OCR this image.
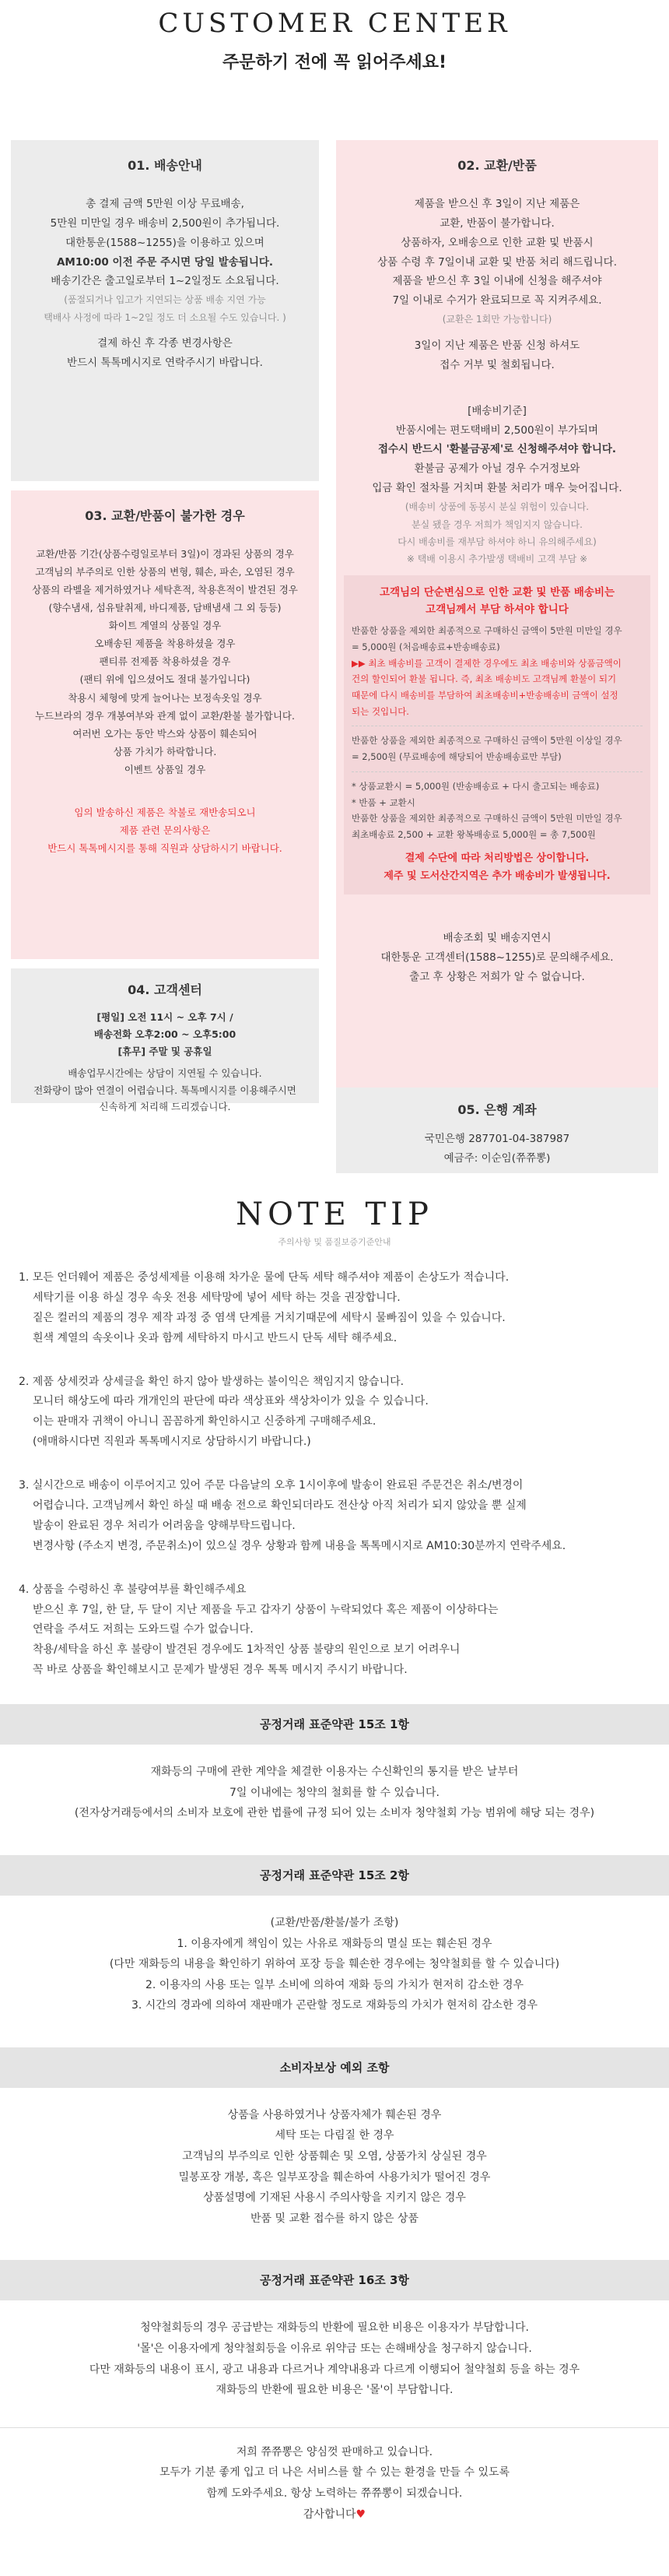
CUSTOMER CENTER
주문하기 전에 꼭 읽어주세요!
01. 배송안내
총 결제 금액 5만원 이상 무료배송,
5만원 미만일 경우 배송비 2,500원이 추가됩니다.
대한통운(1588~1255)을 이용하고 있으며
AM10:00 이전 주문 주시면 당일 발송됩니다.
배송기간은 출고일로부터 1~2일정도 소요됩니다.
(품절되거나 입고가 지연되는 상품 배송 지연 가능
택배사 사정에 따라 1~2일 정도 더 소요될 수도 있습니다. )
결제 하신 후 각종 변경사항은
반드시 톡톡메시지로 연락주시기 바랍니다.
02. 교환/반품
제품을 받으신 후 3일이 지난 제품은
교환, 반품이 불가합니다.
상품하자, 오배송으로 인한 교환 및 반품시
상품 수령 후 7일이내 교환 및 반품 처리 해드립니다.
제품을 받으신 후 3일 이내에 신청을 해주셔야
7일 이내로 수거가 완료되므로 꼭 지켜주세요.
(교환은 1회만 가능합니다)
3일이 지난 제품은 반품 신청 하셔도
접수 거부 및 철회됩니다.
[배송비기준]
반품시에는 편도택배비 2,500원이 부가되며
접수시 반드시 '환불금공제'로 신청해주셔야 합니다.
환불금 공제가 아닐 경우 수거정보와
입금 확인 절차를 거치며 환불 처리가 매우 늦어집니다.
(배송비 상품에 동봉시 분실 위험이 있습니다.
분실 됐을 경우 저희가 책임지지 않습니다.
다시 배송비를 재부담 하셔야 하니 유의해주세요)
※ 택배 이용시 추가발생 택배비 고객 부담 ※
고객님의 단순변심으로 인한 교환 및 반품 배송비는
고객님께서 부담 하셔야 합니다
반품한 상품을 제외한 최종적으로 구매하신 금액이 5만원 미만일 경우
= 5,000원 (처음배송료+반송배송료)
▶▶ 최초 배송비를 고객이 결제한 경우에도 최초 배송비와 상품금액이
건의 할인되어 환불 됩니다. 즉, 최초 배송비도 고객님께 환불이 되기
때문에 다시 배송비를 부담하여 최초배송비+반송배송비 금액이 설정
되는 것입니다.
반품한 상품을 제외한 최종적으로 구매하신 금액이 5만원 이상일 경우
= 2,500원 (무료배송에 해당되어 반송배송료만 부담)
* 상품교환시 = 5,000원 (반송배송료 + 다시 출고되는 배송료)
* 반품 + 교환시
반품한 상품을 제외한 최종적으로 구매하신 금액이 5만원 미만일 경우
최초배송료 2,500 + 교환 왕복배송료 5,000원 = 총 7,500원
결제 수단에 따라 처리방법은 상이합니다.
제주 및 도서산간지역은 추가 배송비가 발생됩니다.
배송조회 및 배송지연시
대한통운 고객센터(1588~1255)로 문의해주세요.
출고 후 상황은 저희가 알 수 없습니다.
03. 교환/반품이 불가한 경우
교환/반품 기간(상품수령일로부터 3일)이 경과된 상품의 경우
고객님의 부주의로 인한 상품의 변형, 훼손, 파손, 오염된 경우
상품의 라벨을 제거하였거나 세탁흔적, 착용흔적이 발견된 경우
(향수냄새, 섬유탈취제, 바디제품, 담배냄새 그 외 등등)
화이트 계열의 상품일 경우
오배송된 제품을 착용하셨을 경우
팬티류 전제품 착용하셨을 경우
(팬티 위에 입으셨어도 절대 불가입니다)
착용시 체형에 맞게 늘어나는 보정속옷일 경우
누드브라의 경우 개봉여부와 관계 없이 교환/환불 불가합니다.
여러번 오가는 동안 박스와 상품이 훼손되어
상품 가치가 하락합니다.
이벤트 상품일 경우
임의 발송하신 제품은 착불로 재반송되오니
제품 관련 문의사항은
반드시 톡톡메시지를 통해 직원과 상담하시기 바랍니다.
04. 고객센터
[평일] 오전 11시 ~ 오후 7시 /
배송전화 오후2:00 ~ 오후5:00
[휴무] 주말 및 공휴일
배송업무시간에는 상담이 지연될 수 있습니다.
전화량이 많아 연결이 어렵습니다. 톡톡메시지를 이용해주시면
신속하게 처리해 드리겠습니다.	05. 은행 계좌
국민은행 287701-04-387987
예금주: 이순임(쮸쮸뽕)
NOTE TIP
주의사항 및 품질보증기준안내

1. 모든 언더웨어 제품은 중성세제를 이용해 차가운 물에 단독 세탁 해주셔야 제품이 손상도가 적습니다.
세탁기를 이용 하실 경우 속옷 전용 세탁망에 넣어 세탁 하는 것을 권장합니다.
짙은 컬러의 제품의 경우 제작 과정 중 염색 단계를 거치기때문에 세탁시 물빠짐이 있을 수 있습니다.
흰색 계열의 속옷이나 옷과 함께 세탁하지 마시고 반드시 단독 세탁 해주세요.

2. 제품 상세컷과 상세글을 확인 하지 않아 발생하는 불이익은 책임지지 않습니다.
모니터 해상도에 따라 개개인의 판단에 따라 색상표와 색상차이가 있을 수 있습니다.
이는 판매자 귀책이 아니니 꼼꼼하게 확인하시고 신중하게 구매해주세요.
(애매하시다면 직원과 톡톡메시지로 상담하시기 바랍니다.)

3. 실시간으로 배송이 이루어지고 있어 주문 다음날의 오후 1시이후에 발송이 완료된 주문건은 취소/변경이
어렵습니다. 고객님께서 확인 하실 때 배송 전으로 확인되더라도 전산상 아직 처리가 되지 않았을 뿐 실제
발송이 완료된 경우 처리가 어려움을 양해부탁드립니다.
변경사항 (주소지 변경, 주문취소)이 있으실 경우 상황과 함께 내용을 톡톡메시지로 AM10:30분까지 연락주세요.

4. 상품을 수령하신 후 불량여부를 확인해주세요
받으신 후 7일, 한 달, 두 달이 지난 제품을 두고 갑자기 상품이 누락되었다 혹은 제품이 이상하다는
연락을 주셔도 저희는 도와드릴 수가 없습니다.
착용/세탁을 하신 후 불량이 발견된 경우에도 1차적인 상품 불량의 원인으로 보기 어려우니
꼭 바로 상품을 확인해보시고 문제가 발생된 경우 톡톡 메시지 주시기 바랍니다.

공정거래 표준약관 15조 1항
재화등의 구매에 관한 계약을 체결한 이용자는 수신확인의 통지를 받은 날부터
7일 이내에는 청약의 철회를 할 수 있습니다.
(전자상거래등에서의 소비자 보호에 관한 법률에 규정 되어 있는 소비자 청약철회 가능 범위에 해당 되는 경우)
공정거래 표준약관 15조 2항
(교환/반품/환불/불가 조항)
1. 이용자에게 책임이 있는 사유로 재화등의 멸실 또는 훼손된 경우
(다만 재화등의 내용을 확인하기 위하여 포장 등을 훼손한 경우에는 청약철회를 할 수 있습니다)
2. 이용자의 사용 또는 일부 소비에 의하여 재화 등의 가치가 현저히 감소한 경우
3. 시간의 경과에 의하여 재판매가 곤란할 정도로 재화등의 가치가 현저히 감소한 경우
소비자보상 예외 조항
상품을 사용하였거나 상품자체가 훼손된 경우
세탁 또는 다림질 한 경우
고객님의 부주의로 인한 상품훼손 및 오염, 상품가치 상실된 경우
밀봉포장 개봉, 혹은 일부포장을 훼손하여 사용가치가 떨어진 경우
상품설명에 기재된 사용시 주의사항을 지키지 않은 경우
반품 및 교환 접수를 하지 않은 상품
공정거래 표준약관 16조 3항
청약철회등의 경우 공급받는 재화등의 반환에 필요한 비용은 이용자가 부담합니다.
'몰'은 이용자에게 청약철회등을 이유로 위약금 또는 손해배상을 청구하지 않습니다.
다만 재화등의 내용이 표시, 광고 내용과 다르거나 계약내용과 다르게 이행되어 철약철회 등을 하는 경우
재화등의 반환에 필요한 비용은 '몰'이 부담합니다.
저희 쮸쮸뽕은 양심껏 판매하고 있습니다.
모두가 기분 좋게 입고 더 나은 서비스를 할 수 있는 환경을 만들 수 있도록
함께 도와주세요. 항상 노력하는 쮸쮸뽕이 되겠습니다.
감사합니다♥
